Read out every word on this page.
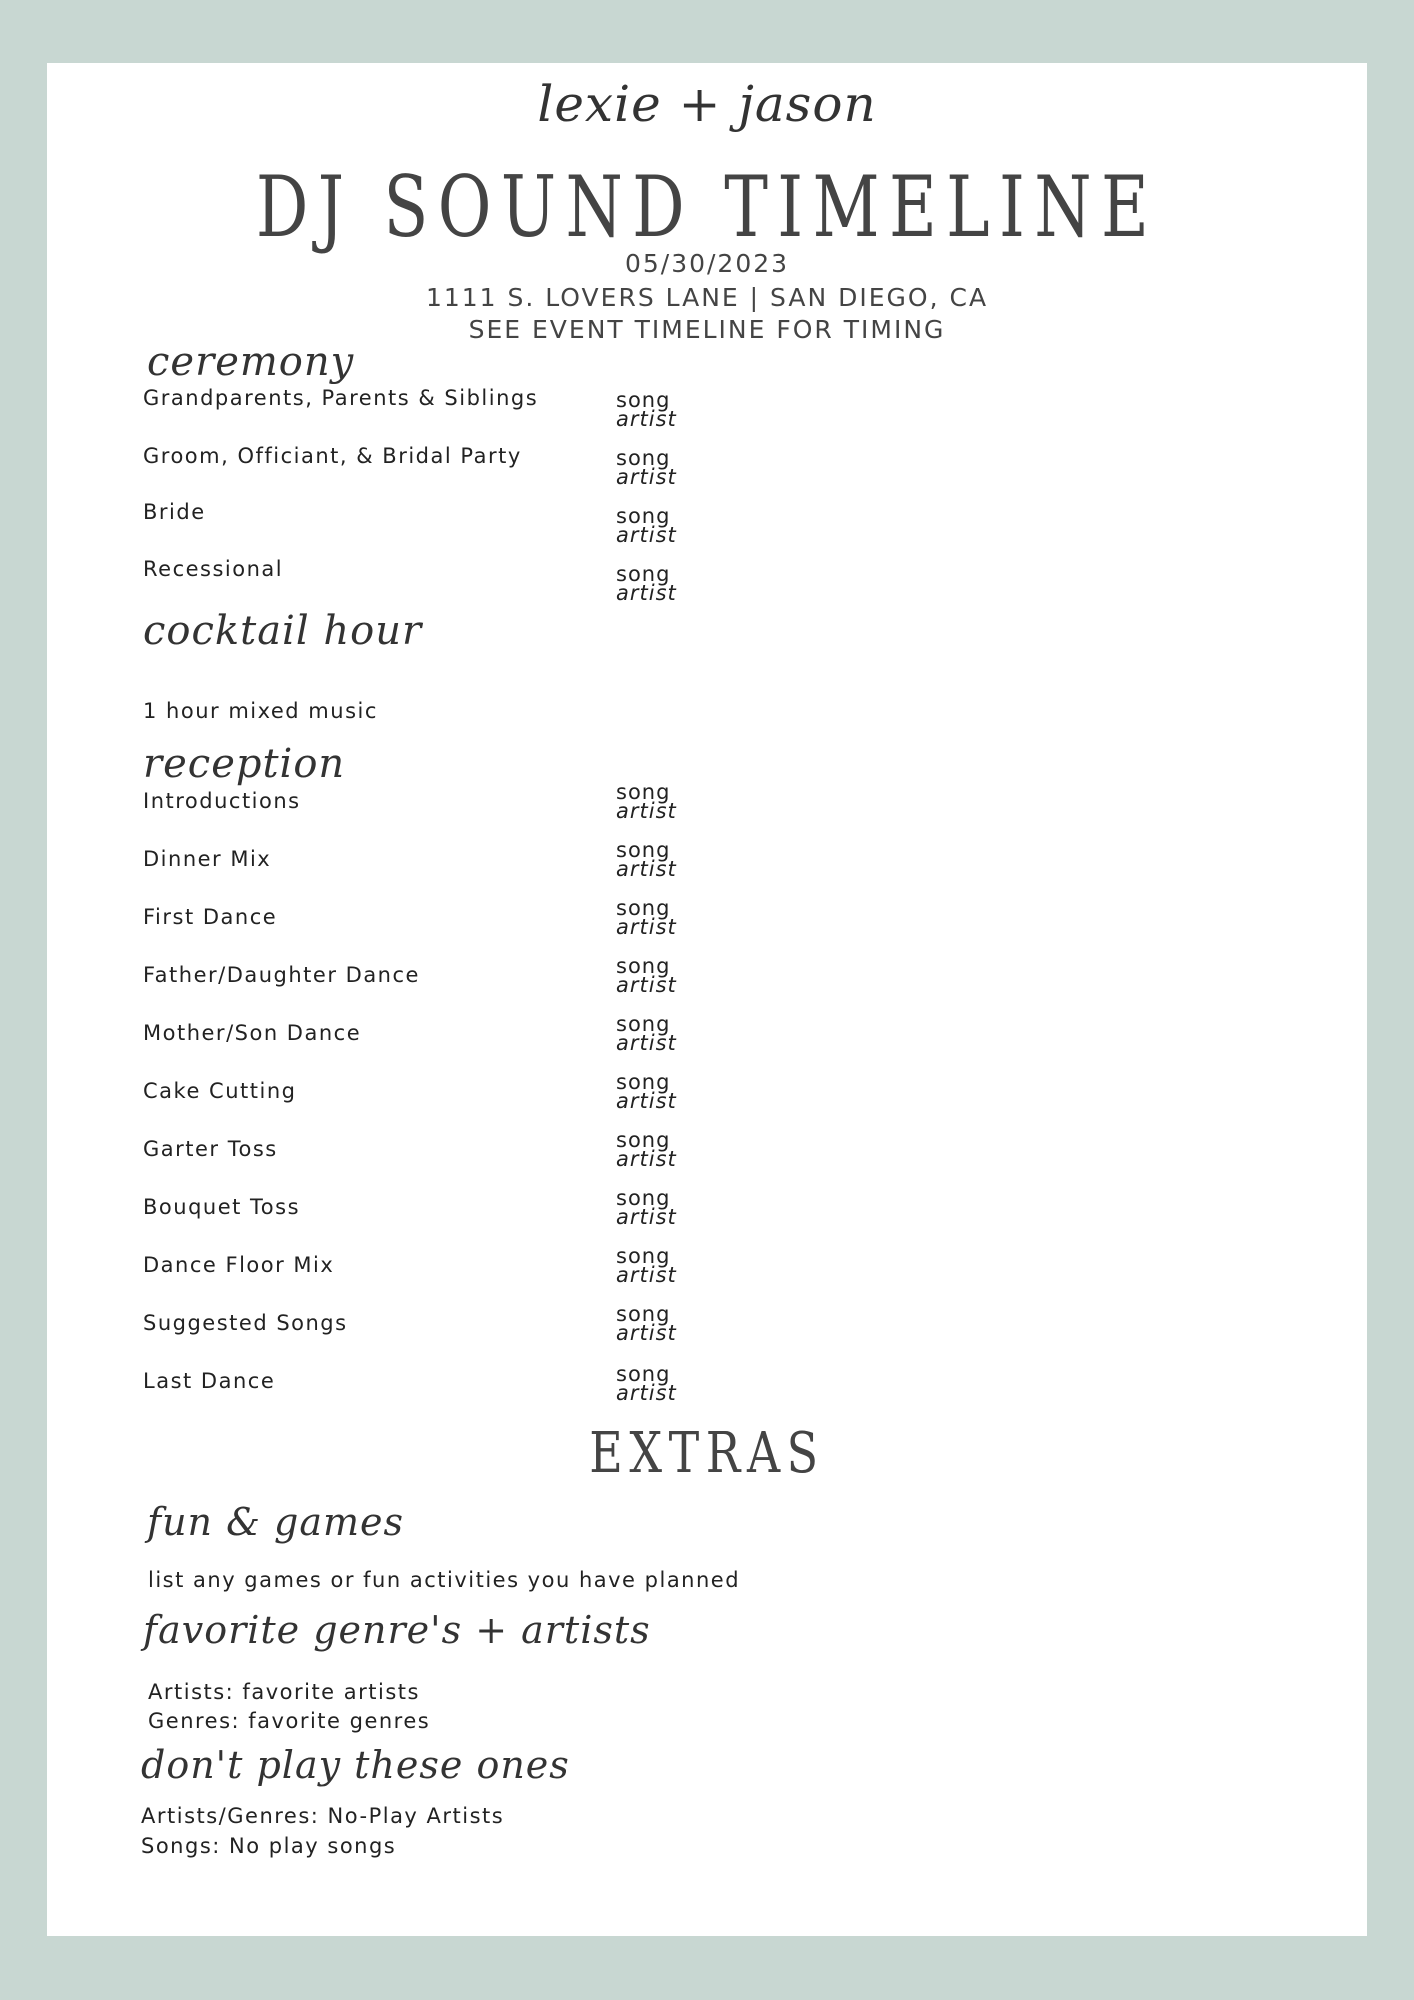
lexie + jason
DJ SOUND TIMELINE
05/30/2023
1111 S. LOVERS LANE | SAN DIEGO, CA
SEE EVENT TIMELINE FOR TIMING
ceremony
Grandparents, Parents & Siblings	song
artist
Groom, Officiant, & Bridal Party	song
artist
Bride	song
artist
Recessional	song
artist
cocktail hour
1 hour mixed music
reception
Introductions	song
artist
Dinner Mix	song
artist
First Dance	song
artist
Father/Daughter Dance	song
artist
Mother/Son Dance	song
artist
Cake Cutting	song
artist
Garter Toss	song
artist
Bouquet Toss	song
artist
Dance Floor Mix	song
artist
Suggested Songs	song
artist
Last Dance	song
artist
EXTRAS
fun & games
list any games or fun activities you have planned
favorite genre's + artists
Artists: favorite artists
Genres: favorite genres
don't play these ones
Artists/Genres: No-Play Artists
Songs: No play songs
